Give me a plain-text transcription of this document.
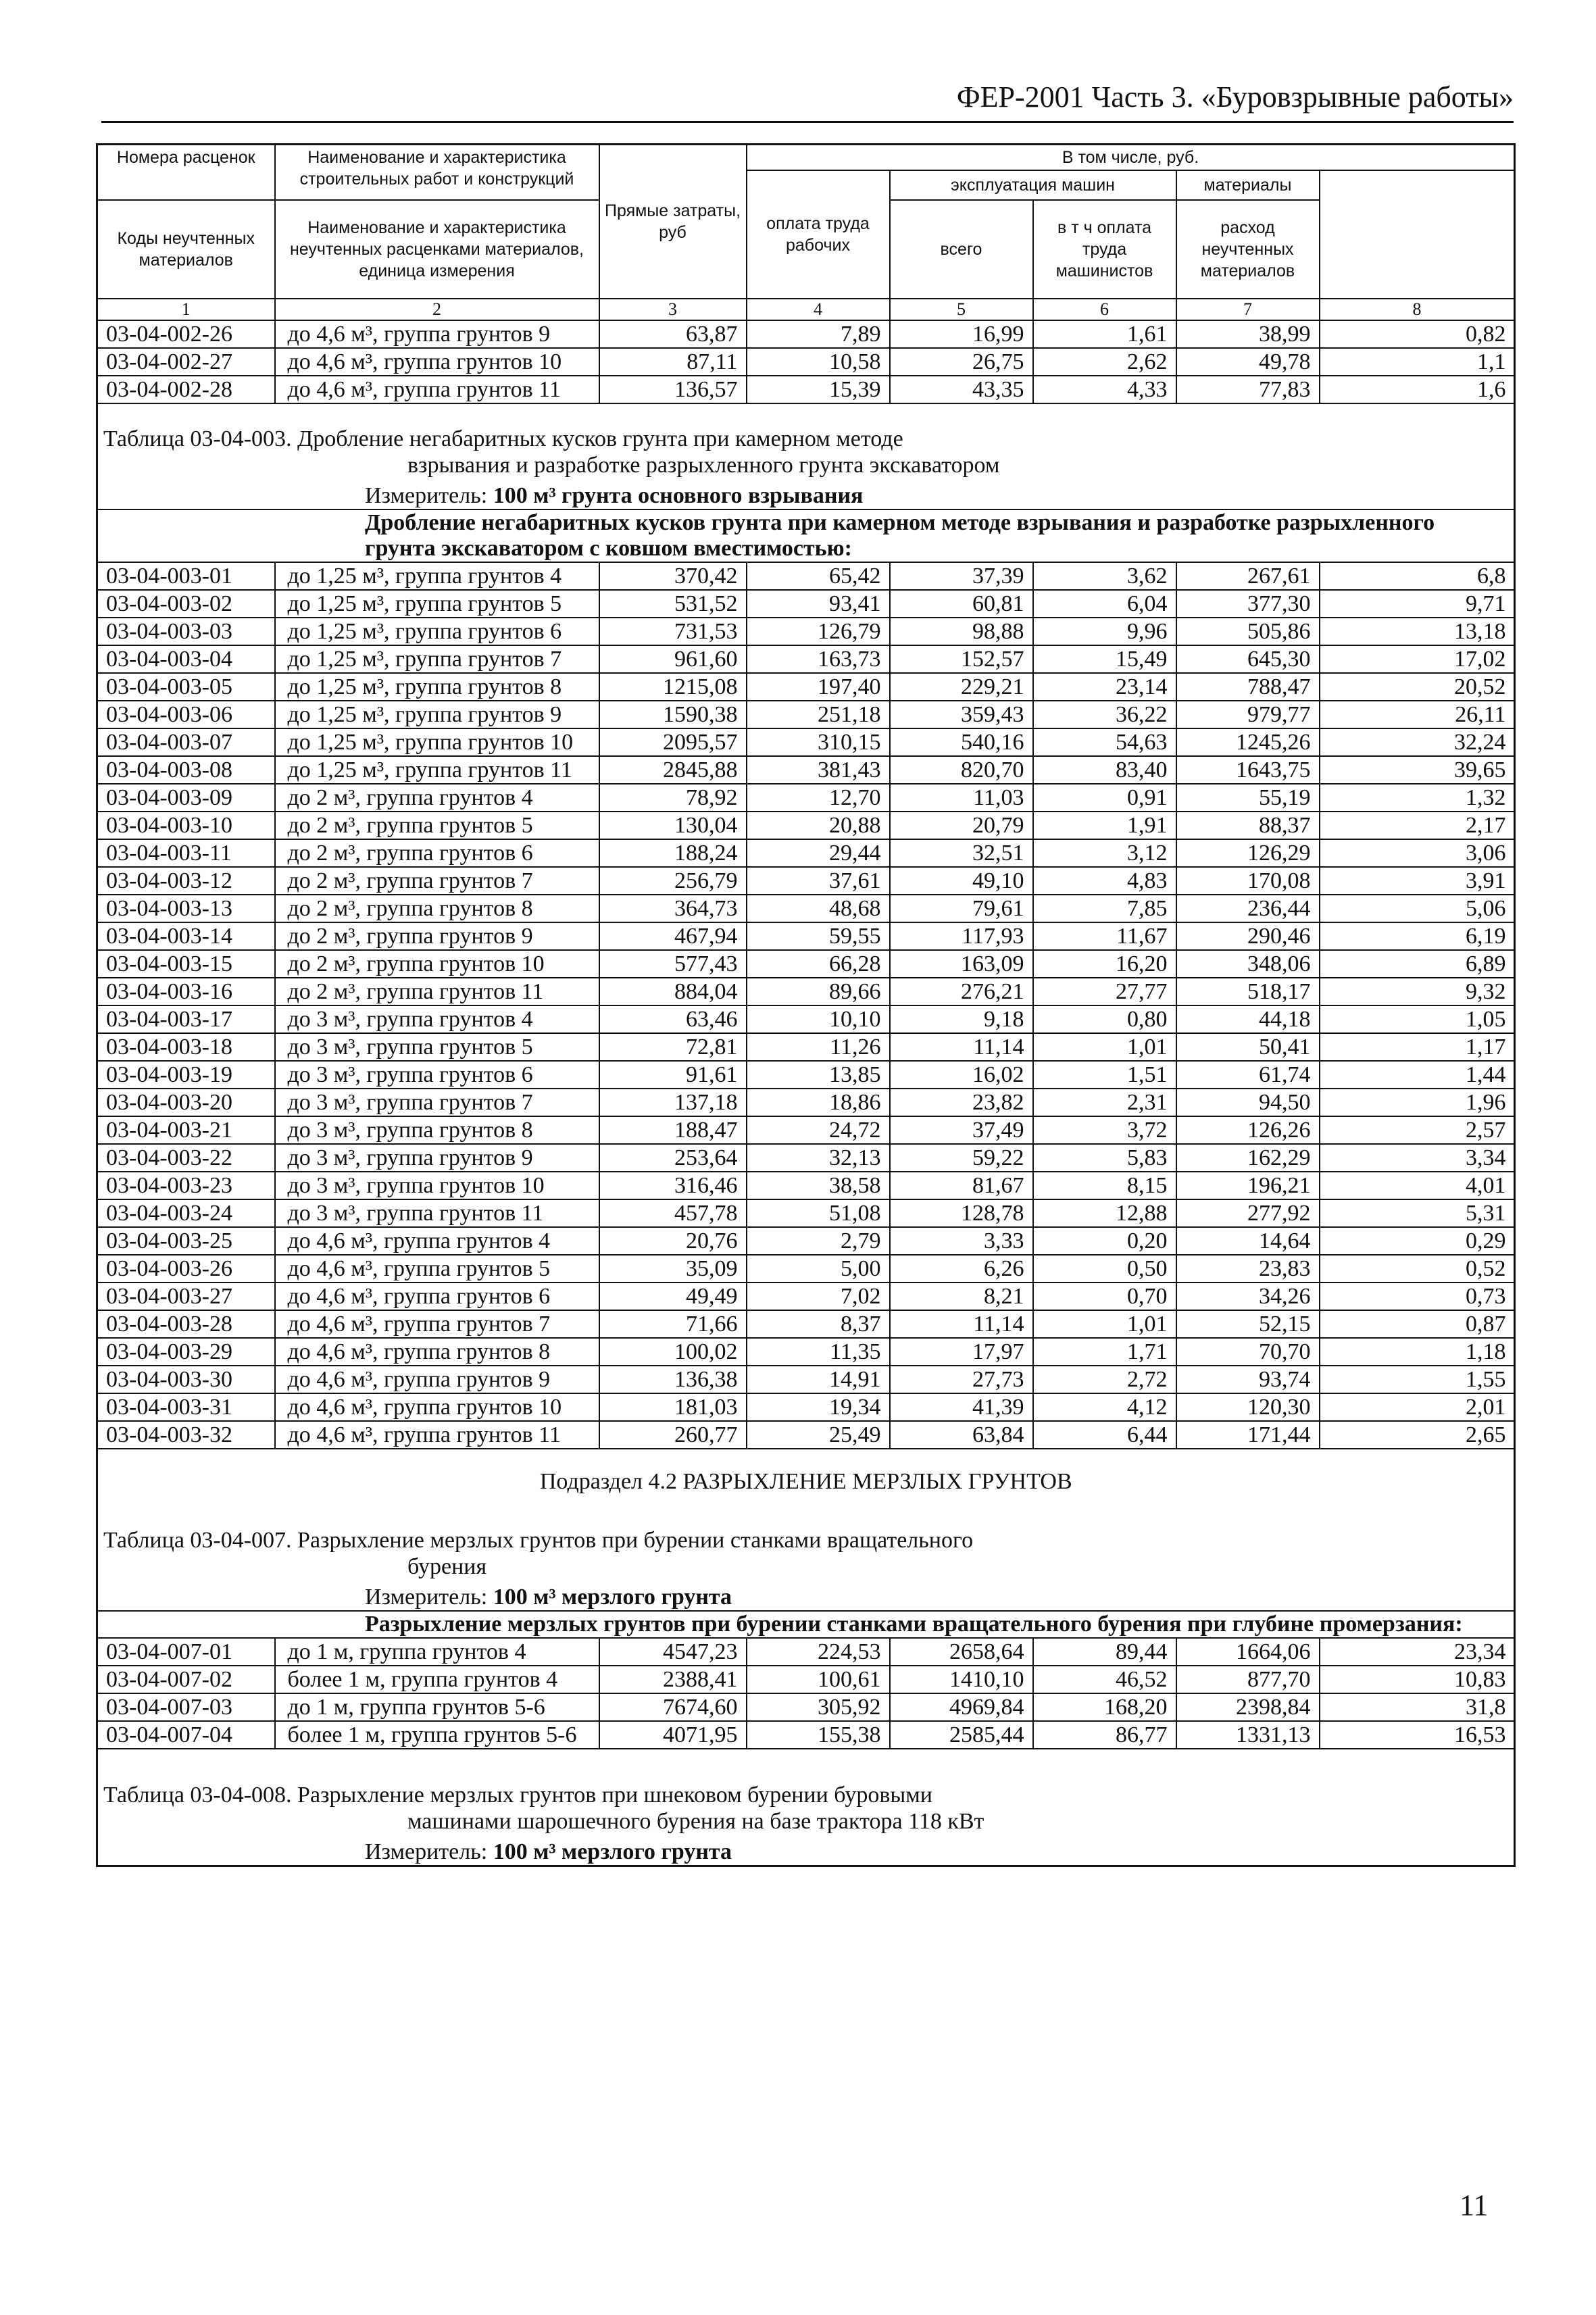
ФЕР-2001 Часть 3. «Буровзрывные работы»
Номера расценок	Наименование и характеристика строительных работ и конструкций	Прямые затраты, руб	В том числе, руб.	
			оплата труда рабочих	эксплуатация машин		материалы		
Коды неучтенных материалов	Наименование и характеристика неучтенных расценками материалов, единица измерения			всего	в т ч оплата труда машинистов	расход неучтенных материалов		

1	2	3	4	5	6	7	8	
03-04-002-26	до 4,6 м³, группа грунтов 9	63,87	7,89	16,99	1,61	38,99	0,82	
03-04-002-27	до 4,6 м³, группа грунтов 10	87,11	10,58	26,75	2,62	49,78	1,1	
03-04-002-28	до 4,6 м³, группа грунтов 11	136,57	15,39	43,35	4,33	77,83	1,6	

Таблица 03-04-003. Дробление негабаритных кусков грунта при камерном методе
взрывания и разработке разрыхленного грунта экскаватором								

Измеритель: 100 м³ грунта основного взрывания								
Дробление негабаритных кусков грунта при камерном методе взрывания и разработке разрыхленного грунта экскаватором с ковшом вместимостью:								
03-04-003-01	до 1,25 м³, группа грунтов 4	370,42	65,42	37,39	3,62	267,61	6,8	
03-04-003-02	до 1,25 м³, группа грунтов 5	531,52	93,41	60,81	6,04	377,30	9,71	
03-04-003-03	до 1,25 м³, группа грунтов 6	731,53	126,79	98,88	9,96	505,86	13,18	
03-04-003-04	до 1,25 м³, группа грунтов 7	961,60	163,73	152,57	15,49	645,30	17,02	
03-04-003-05	до 1,25 м³, группа грунтов 8	1215,08	197,40	229,21	23,14	788,47	20,52	
03-04-003-06	до 1,25 м³, группа грунтов 9	1590,38	251,18	359,43	36,22	979,77	26,11	
03-04-003-07	до 1,25 м³, группа грунтов 10	2095,57	310,15	540,16	54,63	1245,26	32,24	
03-04-003-08	до 1,25 м³, группа грунтов 11	2845,88	381,43	820,70	83,40	1643,75	39,65	
03-04-003-09	до 2 м³, группа грунтов 4	78,92	12,70	11,03	0,91	55,19	1,32	
03-04-003-10	до 2 м³, группа грунтов 5	130,04	20,88	20,79	1,91	88,37	2,17	
03-04-003-11	до 2 м³, группа грунтов 6	188,24	29,44	32,51	3,12	126,29	3,06	
03-04-003-12	до 2 м³, группа грунтов 7	256,79	37,61	49,10	4,83	170,08	3,91	
03-04-003-13	до 2 м³, группа грунтов 8	364,73	48,68	79,61	7,85	236,44	5,06	
03-04-003-14	до 2 м³, группа грунтов 9	467,94	59,55	117,93	11,67	290,46	6,19	
03-04-003-15	до 2 м³, группа грунтов 10	577,43	66,28	163,09	16,20	348,06	6,89	
03-04-003-16	до 2 м³, группа грунтов 11	884,04	89,66	276,21	27,77	518,17	9,32	
03-04-003-17	до 3 м³, группа грунтов 4	63,46	10,10	9,18	0,80	44,18	1,05	
03-04-003-18	до 3 м³, группа грунтов 5	72,81	11,26	11,14	1,01	50,41	1,17	
03-04-003-19	до 3 м³, группа грунтов 6	91,61	13,85	16,02	1,51	61,74	1,44	
03-04-003-20	до 3 м³, группа грунтов 7	137,18	18,86	23,82	2,31	94,50	1,96	
03-04-003-21	до 3 м³, группа грунтов 8	188,47	24,72	37,49	3,72	126,26	2,57	
03-04-003-22	до 3 м³, группа грунтов 9	253,64	32,13	59,22	5,83	162,29	3,34	
03-04-003-23	до 3 м³, группа грунтов 10	316,46	38,58	81,67	8,15	196,21	4,01	
03-04-003-24	до 3 м³, группа грунтов 11	457,78	51,08	128,78	12,88	277,92	5,31	
03-04-003-25	до 4,6 м³, группа грунтов 4	20,76	2,79	3,33	0,20	14,64	0,29	
03-04-003-26	до 4,6 м³, группа грунтов 5	35,09	5,00	6,26	0,50	23,83	0,52	
03-04-003-27	до 4,6 м³, группа грунтов 6	49,49	7,02	8,21	0,70	34,26	0,73	
03-04-003-28	до 4,6 м³, группа грунтов 7	71,66	8,37	11,14	1,01	52,15	0,87	
03-04-003-29	до 4,6 м³, группа грунтов 8	100,02	11,35	17,97	1,71	70,70	1,18	
03-04-003-30	до 4,6 м³, группа грунтов 9	136,38	14,91	27,73	2,72	93,74	1,55	
03-04-003-31	до 4,6 м³, группа грунтов 10	181,03	19,34	41,39	4,12	120,30	2,01	
03-04-003-32	до 4,6 м³, группа грунтов 11	260,77	25,49	63,84	6,44	171,44	2,65	
Подраздел 4.2 РАЗРЫХЛЕНИЕ МЕРЗЛЫХ ГРУНТОВ								
Таблица 03-04-007. Разрыхление мерзлых грунтов при бурении станками вращательного
бурения								

Измеритель: 100 м³ мерзлого грунта								
Разрыхление мерзлых грунтов при бурении станками вращательного бурения при глубине промерзания:								
03-04-007-01	до 1 м, группа грунтов 4	4547,23	224,53	2658,64	89,44	1664,06	23,34	
03-04-007-02	более 1 м, группа грунтов 4	2388,41	100,61	1410,10	46,52	877,70	10,83	
03-04-007-03	до 1 м, группа грунтов 5-6	7674,60	305,92	4969,84	168,20	2398,84	31,8	
03-04-007-04	более 1 м, группа грунтов 5-6	4071,95	155,38	2585,44	86,77	1331,13	16,53	

Таблица 03-04-008. Разрыхление мерзлых грунтов при шнековом бурении буровыми
машинами шарошечного бурения на базе трактора 118 кВт								

Измеритель: 100 м³ мерзлого грунта								
11
